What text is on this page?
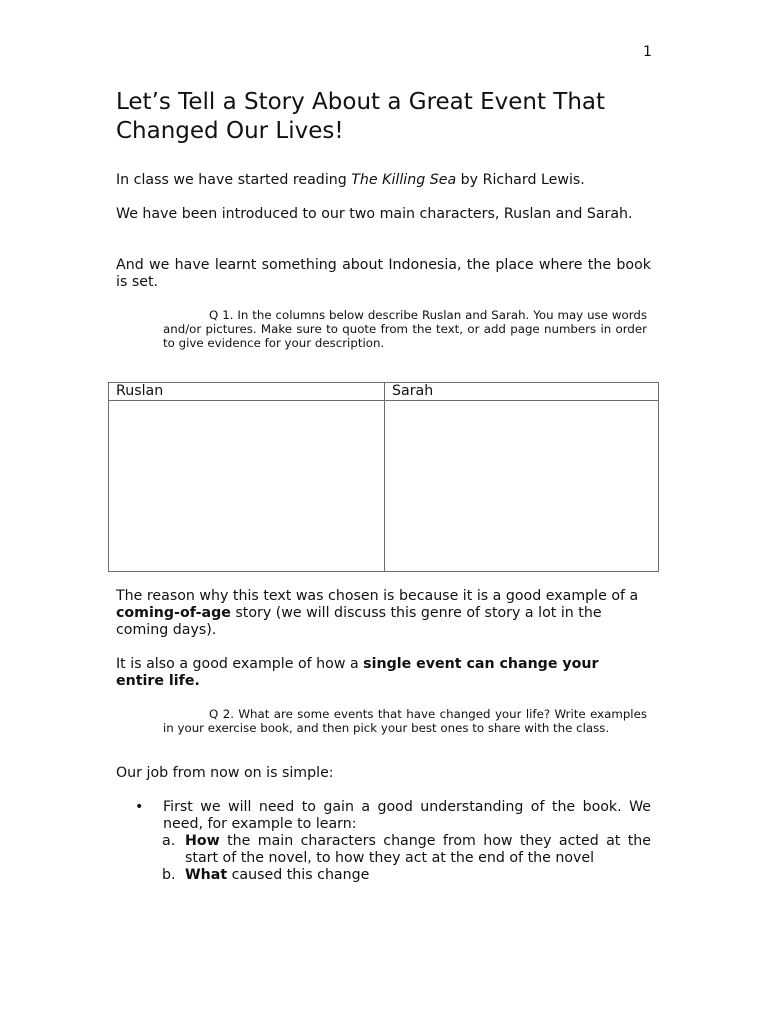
1
Let’s Tell a Story About a Great Event That Changed Our Lives!

In class we have started reading The Killing Sea by Richard Lewis.

We have been introduced to our two main characters, Ruslan and Sarah.

And we have learnt something about Indonesia, the place where the book is set.

Q 1. In the columns below describe Ruslan and Sarah. You may use words and/or pictures. Make sure to quote from the text, or add page numbers in order to give evidence for your description.

Ruslan	Sarah

The reason why this text was chosen is because it is a good example of a coming-of-age story (we will discuss this genre of story a lot in the coming days).

It is also a good example of how a single event can change your entire life.

Q 2. What are some events that have changed your life? Write examples in your exercise book, and then pick your best ones to share with the class.

Our job from now on is simple:

•	First we will need to gain a good understanding of the book. We need, for example to learn:
a. How the main characters change from how they acted at the start of the novel, to how they act at the end of the novel
b. What caused this change
